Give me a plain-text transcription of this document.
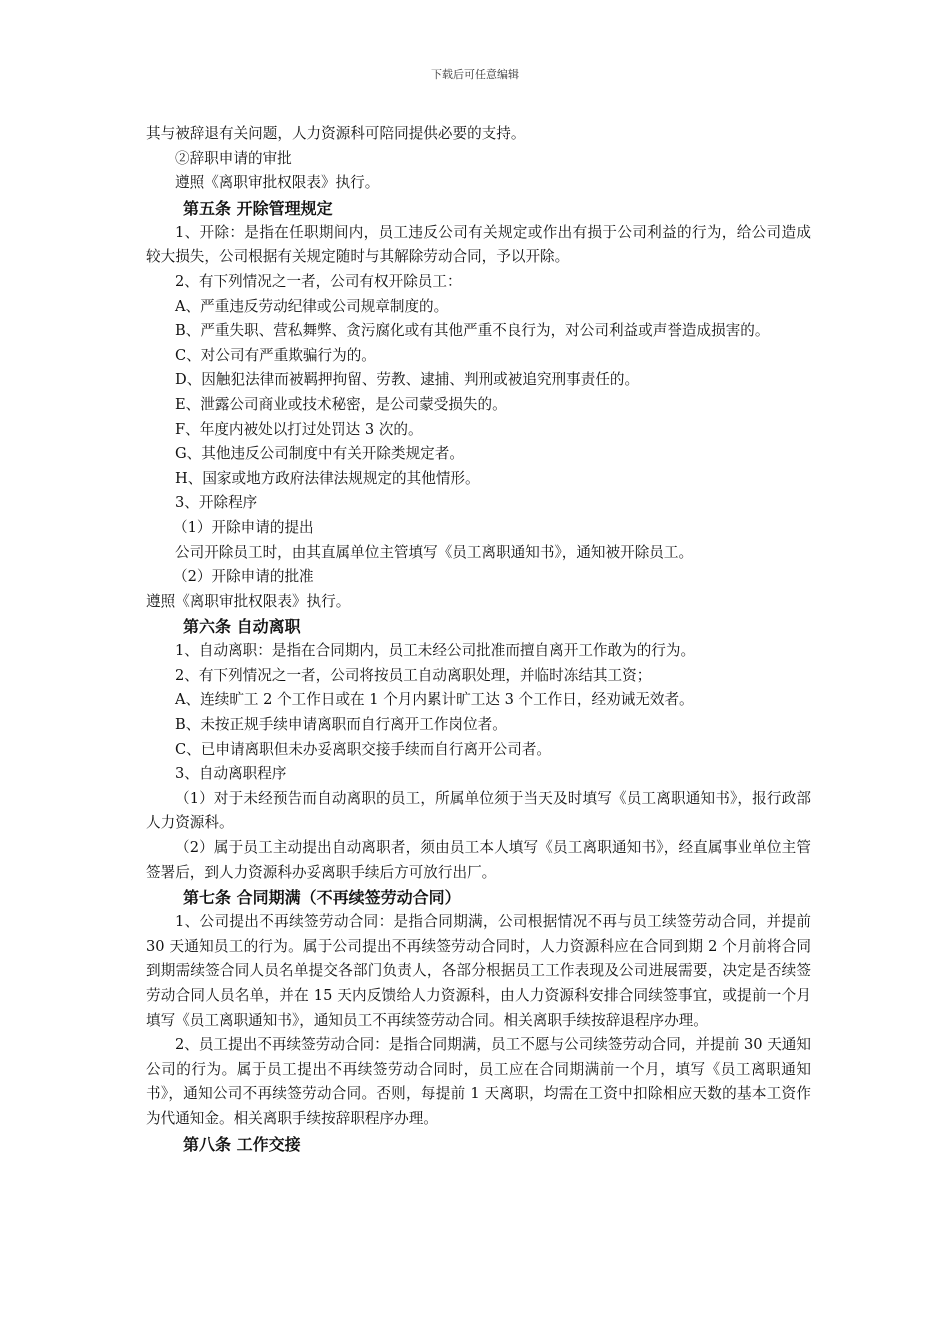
下载后可任意编辑

其与被辞退有关问题，人力资源科可陪同提供必要的支持。

②辞职申请的审批

遵照《离职审批权限表》执行。

第五条 开除管理规定

1、开除：是指在任职期间内，员工违反公司有关规定或作出有损于公司利益的行为，给公司造成较大损失，公司根据有关规定随时与其解除劳动合同，予以开除。

2、有下列情况之一者，公司有权开除员工：

A、严重违反劳动纪律或公司规章制度的。

B、严重失职、营私舞弊、贪污腐化或有其他严重不良行为，对公司利益或声誉造成损害的。

C、对公司有严重欺骗行为的。

D、因触犯法律而被羁押拘留、劳教、逮捕、判刑或被追究刑事责任的。

E、泄露公司商业或技术秘密，是公司蒙受损失的。

F、年度内被处以打过处罚达 3 次的。

G、其他违反公司制度中有关开除类规定者。

H、国家或地方政府法律法规规定的其他情形。

3、开除程序

（1）开除申请的提出

公司开除员工时，由其直属单位主管填写《员工离职通知书》，通知被开除员工。

（2）开除申请的批准

遵照《离职审批权限表》执行。

第六条 自动离职

1、自动离职：是指在合同期内，员工未经公司批准而擅自离开工作敢为的行为。

2、有下列情况之一者，公司将按员工自动离职处理，并临时冻结其工资；

A、连续旷工 2 个工作日或在 1 个月内累计旷工达 3 个工作日，经劝诫无效者。

B、未按正规手续申请离职而自行离开工作岗位者。

C、已申请离职但未办妥离职交接手续而自行离开公司者。

3、自动离职程序

（1）对于未经预告而自动离职的员工，所属单位须于当天及时填写《员工离职通知书》，报行政部人力资源科。

（2）属于员工主动提出自动离职者，须由员工本人填写《员工离职通知书》，经直属事业单位主管签署后，到人力资源科办妥离职手续后方可放行出厂。

第七条 合同期满（不再续签劳动合同）

1、公司提出不再续签劳动合同：是指合同期满，公司根据情况不再与员工续签劳动合同，并提前 30 天通知员工的行为。属于公司提出不再续签劳动合同时，人力资源科应在合同到期 2 个月前将合同到期需续签合同人员名单提交各部门负责人，各部分根据员工工作表现及公司进展需要，决定是否续签劳动合同人员名单，并在 15 天内反馈给人力资源科，由人力资源科安排合同续签事宜，或提前一个月填写《员工离职通知书》，通知员工不再续签劳动合同。相关离职手续按辞退程序办理。

2、员工提出不再续签劳动合同：是指合同期满，员工不愿与公司续签劳动合同，并提前 30 天通知公司的行为。属于员工提出不再续签劳动合同时，员工应在合同期满前一个月，填写《员工离职通知书》，通知公司不再续签劳动合同。否则，每提前 1 天离职，均需在工资中扣除相应天数的基本工资作为代通知金。相关离职手续按辞职程序办理。

第八条 工作交接
